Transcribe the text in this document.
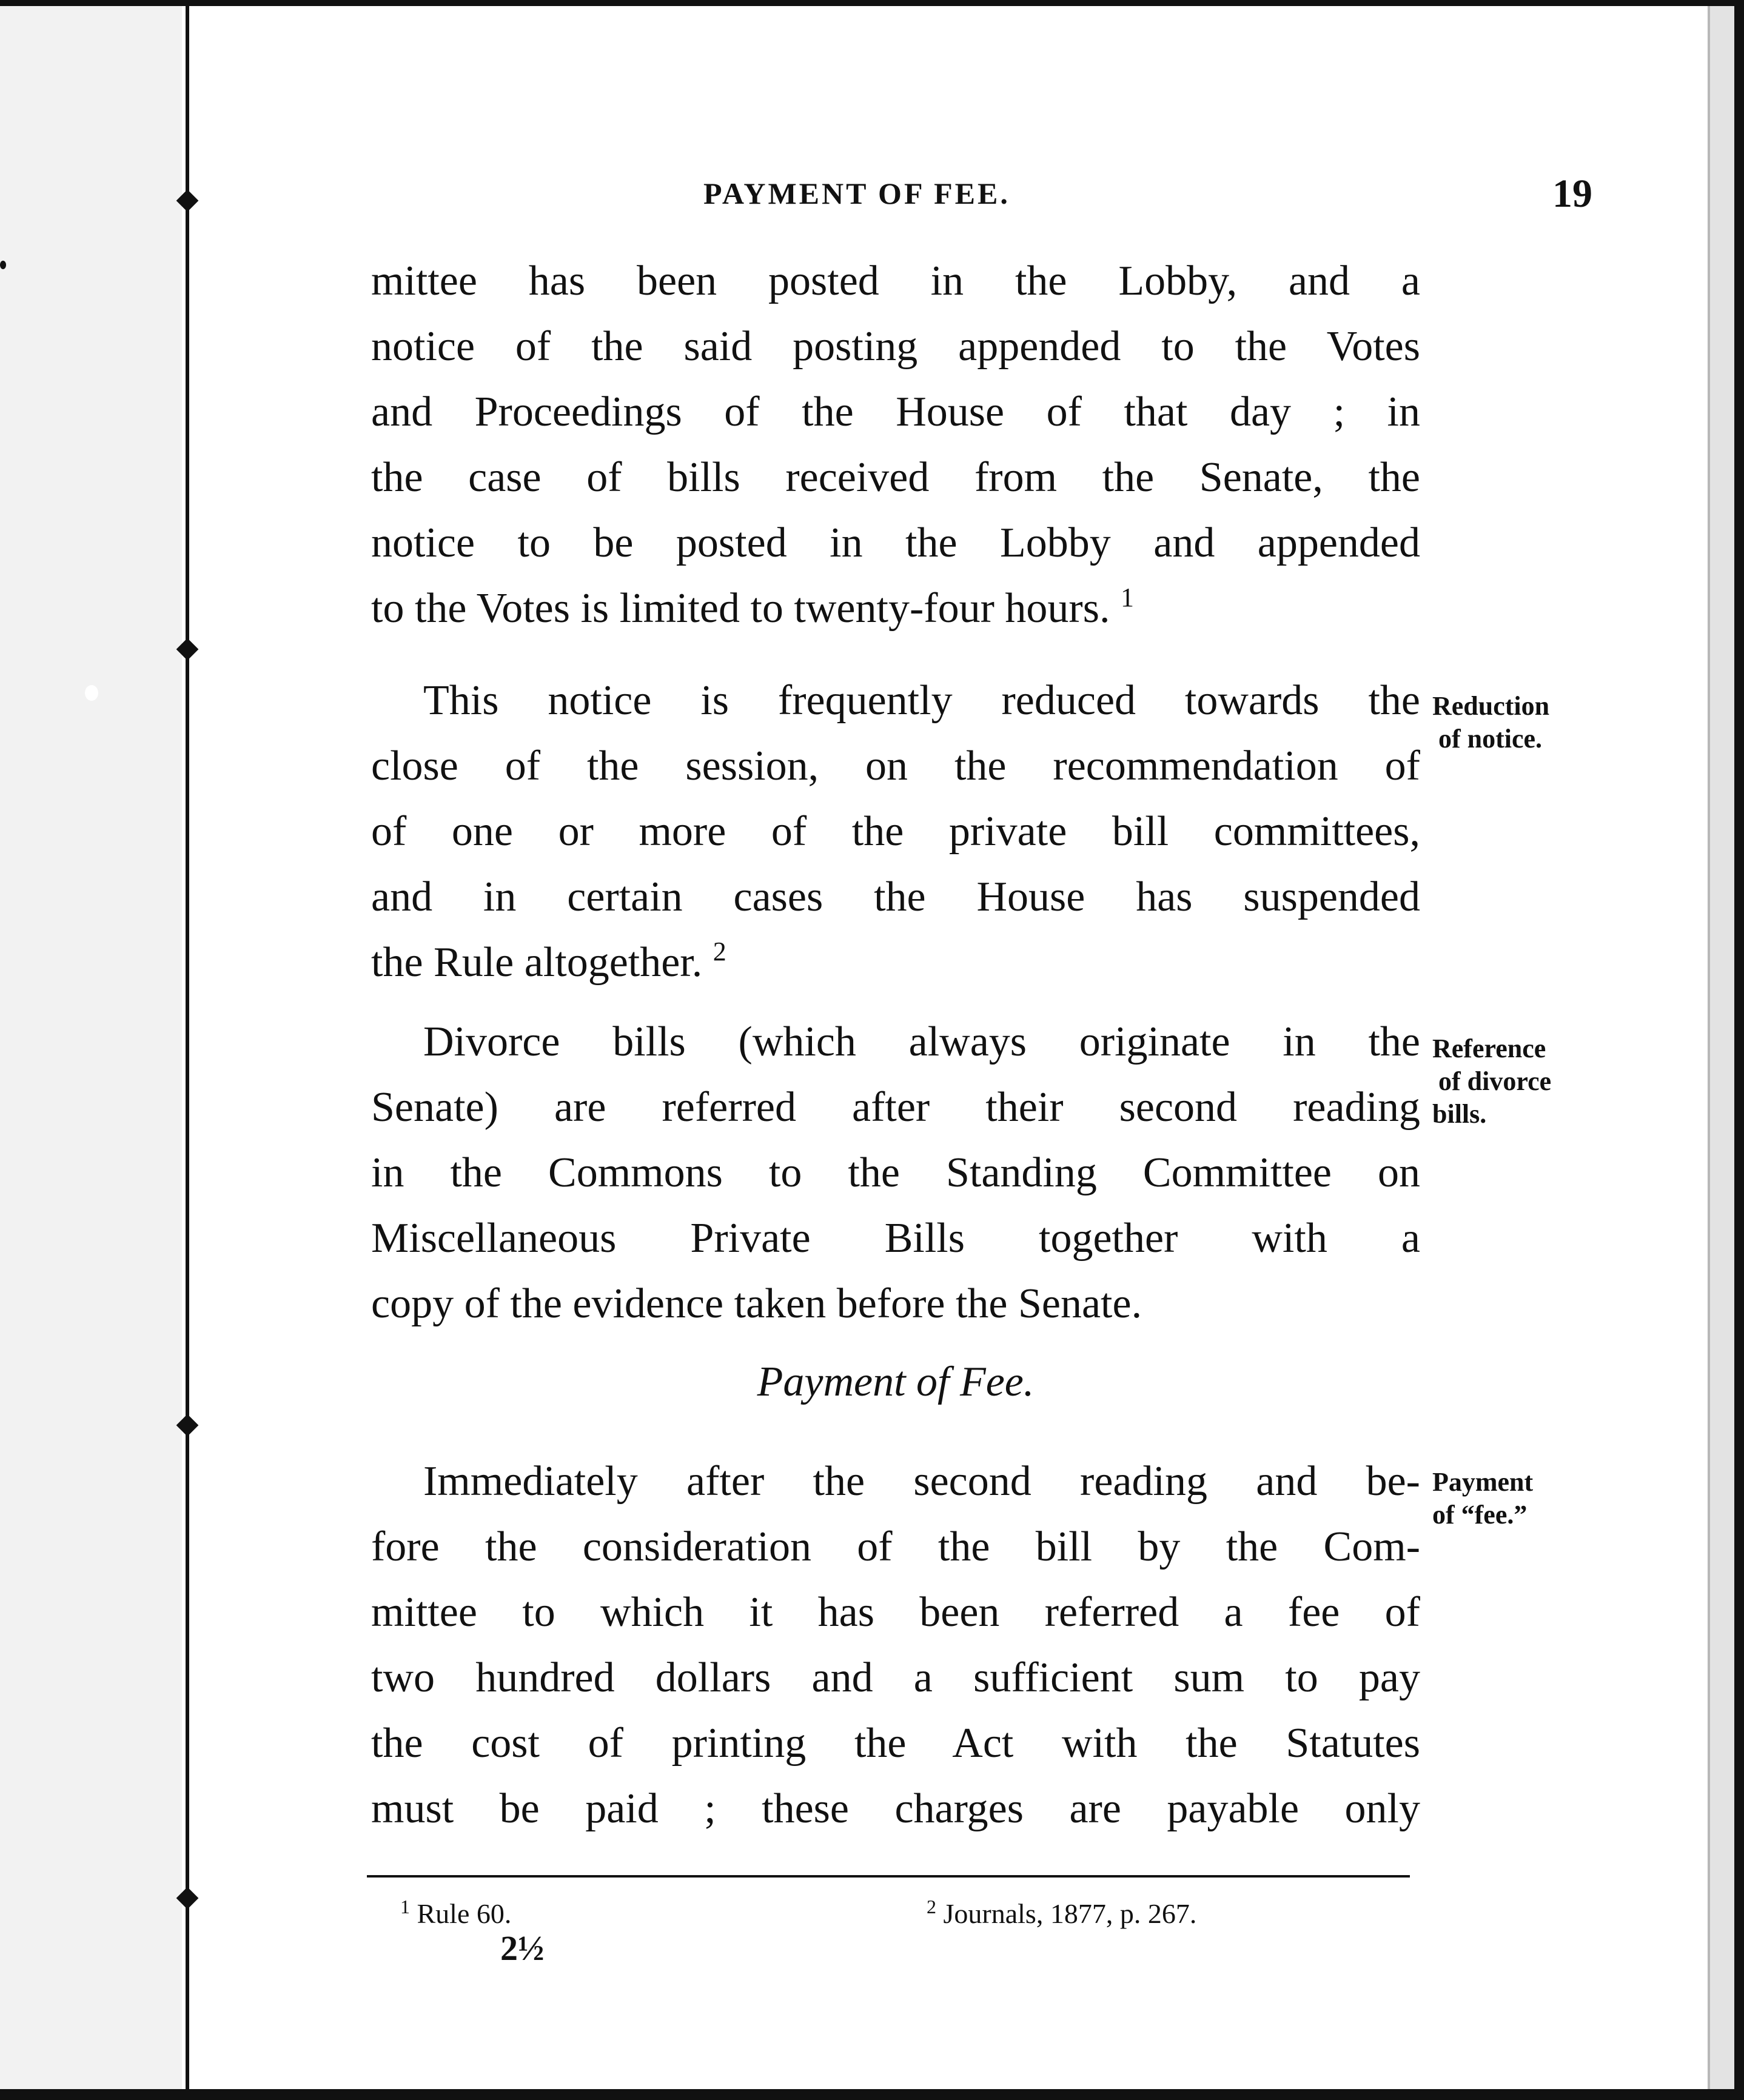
PAYMENT OF FEE.	19
mittee has been posted in the Lobby, and a
notice of the said posting appended to the Votes
and Proceedings of the House of that day ; in
the case of bills received from the Senate, the
notice to be posted in the Lobby and appended
to the Votes is limited to twenty-four hours. $^1$
This notice is frequently reduced towards the
close of the session, on the recommendation of
of one or more of the private bill committees,
and in certain cases the House has suspended
the Rule altogether. $^2$
Divorce bills (which always originate in the
Senate) are referred after their second reading
in the Commons to the Standing Committee on
Miscellaneous Private Bills together with a
copy of the evidence taken before the Senate.
Payment of Fee.
Immediately after the second reading and be-
fore the consideration of the bill by the Com-
mittee to which it has been referred a fee of
two hundred dollars and a sufficient sum to pay
the cost of printing the Act with the Statutes
must be paid ; these charges are payable only
Reduction
of notice.
Reference
of divorce
bills.
Payment
of “fee.”
$^1$ Rule 60.	$^2$ Journals, 1877, p. 267.
2½
